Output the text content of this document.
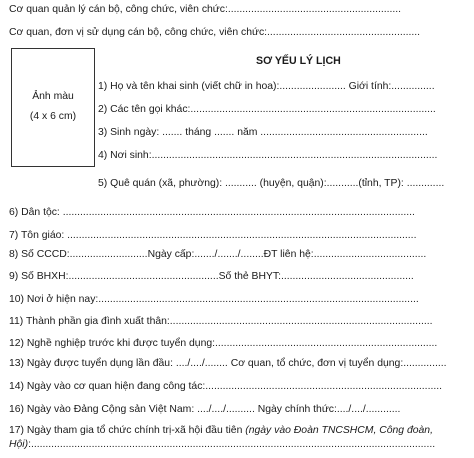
Cơ quan quản lý cán bộ, công chức, viên chức:............................................................
Cơ quan, đơn vị sử dụng cán bộ, công chức, viên chức:.....................................................
Ảnh màu
(4 x 6 cm)
SƠ YẾU LÝ LỊCH
1) Họ và tên khai sinh (viết chữ in hoa):....................... Giới tính:...............
2) Các tên gọi khác:.....................................................................................
3) Sinh ngày: ....... tháng ....... năm ..........................................................
4) Nơi sinh:...................................................................................................
5) Quê quán (xã, phường): ........... (huyện, quận):...........(tỉnh, TP): .............
6) Dân tộc: ..........................................................................................................................
7) Tôn giáo: .........................................................................................................................
8) Số CCCD:...........................Ngày cấp:......./......./........ĐT liên hệ:.......................................
9) Số BHXH:....................................................Số thẻ BHYT:..............................................
10) Nơi ở hiện nay:...............................................................................................................
11) Thành phần gia đình xuất thân:...........................................................................................
12) Nghề nghiệp trước khi được tuyển dụng:.............................................................................
13) Ngày được tuyển dụng lần đầu: ..../..../........ Cơ quan, tổ chức, đơn vị tuyển dụng:...............
14) Ngày vào cơ quan hiện đang công tác:..................................................................................
16) Ngày vào Đảng Cộng sản Việt Nam: ..../..../.......... Ngày chính thức:..../..../............
17) Ngày tham gia tổ chức chính trị-xã hội đầu tiên (ngày vào Đoàn TNCSHCM, Công đoàn,
Hội):............................................................................................................................................
